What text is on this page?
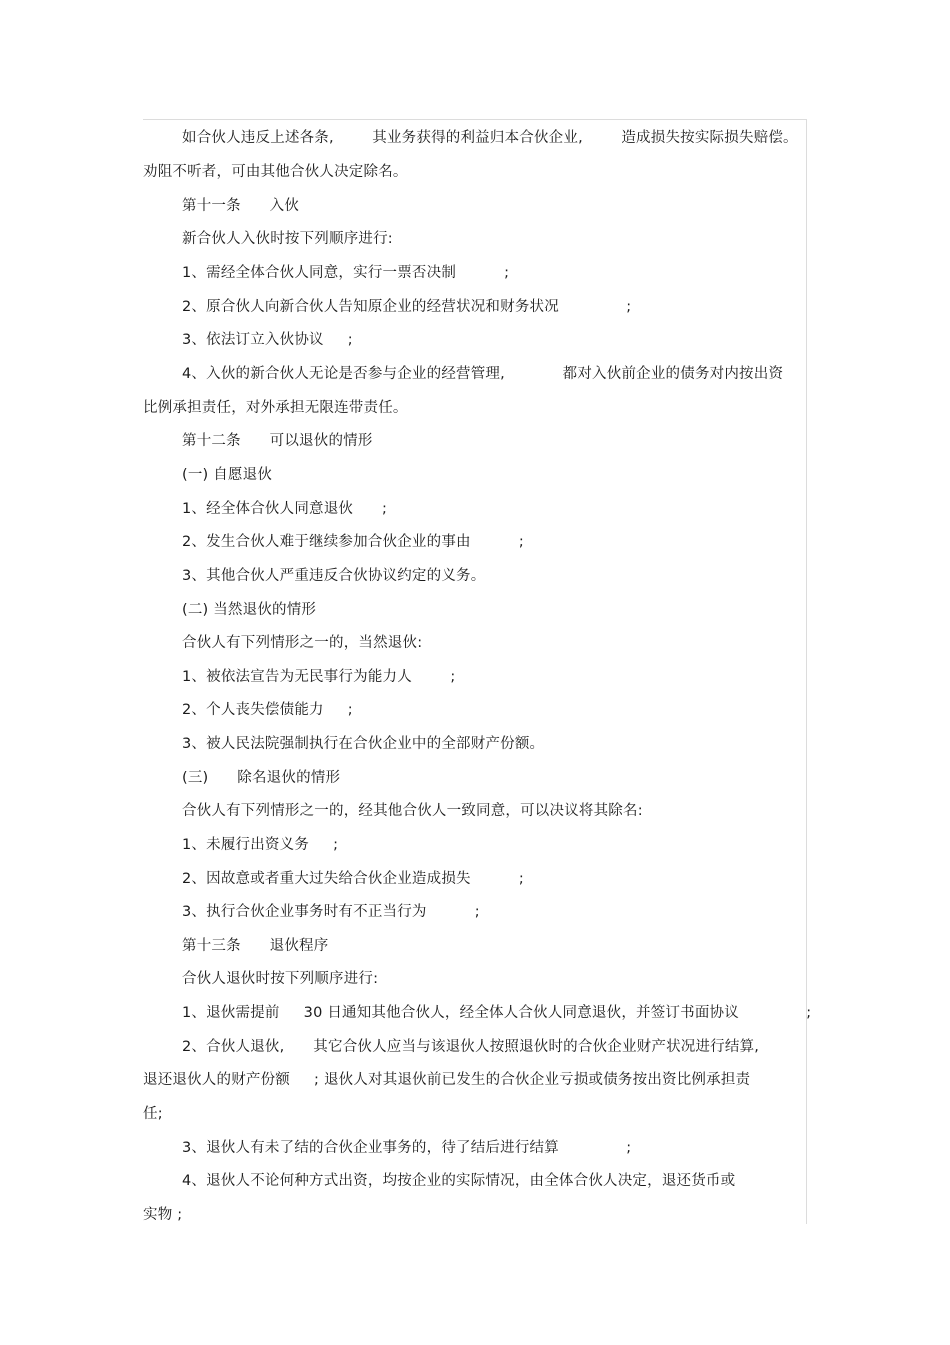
如合伙人违反上述各条,        其业务获得的利益归本合伙企业,        造成损失按实际损失赔偿。
劝阻不听者，可由其他合伙人决定除名。
第十一条      入伙
新合伙人入伙时按下列顺序进行:
1、需经全体合伙人同意，实行一票否决制          ;
2、原合伙人向新合伙人告知原企业的经营状况和财务状况              ;
3、依法订立入伙协议     ;
4、入伙的新合伙人无论是否参与企业的经营管理,            都对入伙前企业的债务对内按出资
比例承担责任，对外承担无限连带责任。
第十二条      可以退伙的情形
(一) 自愿退伙
1、经全体合伙人同意退伙      ;
2、发生合伙人难于继续参加合伙企业的事由          ;
3、其他合伙人严重违反合伙协议约定的义务。
(二) 当然退伙的情形
合伙人有下列情形之一的，当然退伙:
1、被依法宣告为无民事行为能力人        ;
2、个人丧失偿债能力     ;
3、被人民法院强制执行在合伙企业中的全部财产份额。
(三)      除名退伙的情形
合伙人有下列情形之一的，经其他合伙人一致同意，可以决议将其除名:
1、未履行出资义务     ;
2、因故意或者重大过失给合伙企业造成损失          ;
3、执行合伙企业事务时有不正当行为          ;
第十三条      退伙程序
合伙人退伙时按下列顺序进行:
1、退伙需提前     30 日通知其他合伙人，经全体人合伙人同意退伙，并签订书面协议              ;
2、合伙人退伙,      其它合伙人应当与该退伙人按照退伙时的合伙企业财产状况进行结算,
退还退伙人的财产份额     ; 退伙人对其退伙前已发生的合伙企业亏损或债务按出资比例承担责
任;
3、退伙人有未了结的合伙企业事务的，待了结后进行结算              ;
4、退伙人不论何种方式出资，均按企业的实际情况，由全体合伙人决定，退还货币或
实物 ;
